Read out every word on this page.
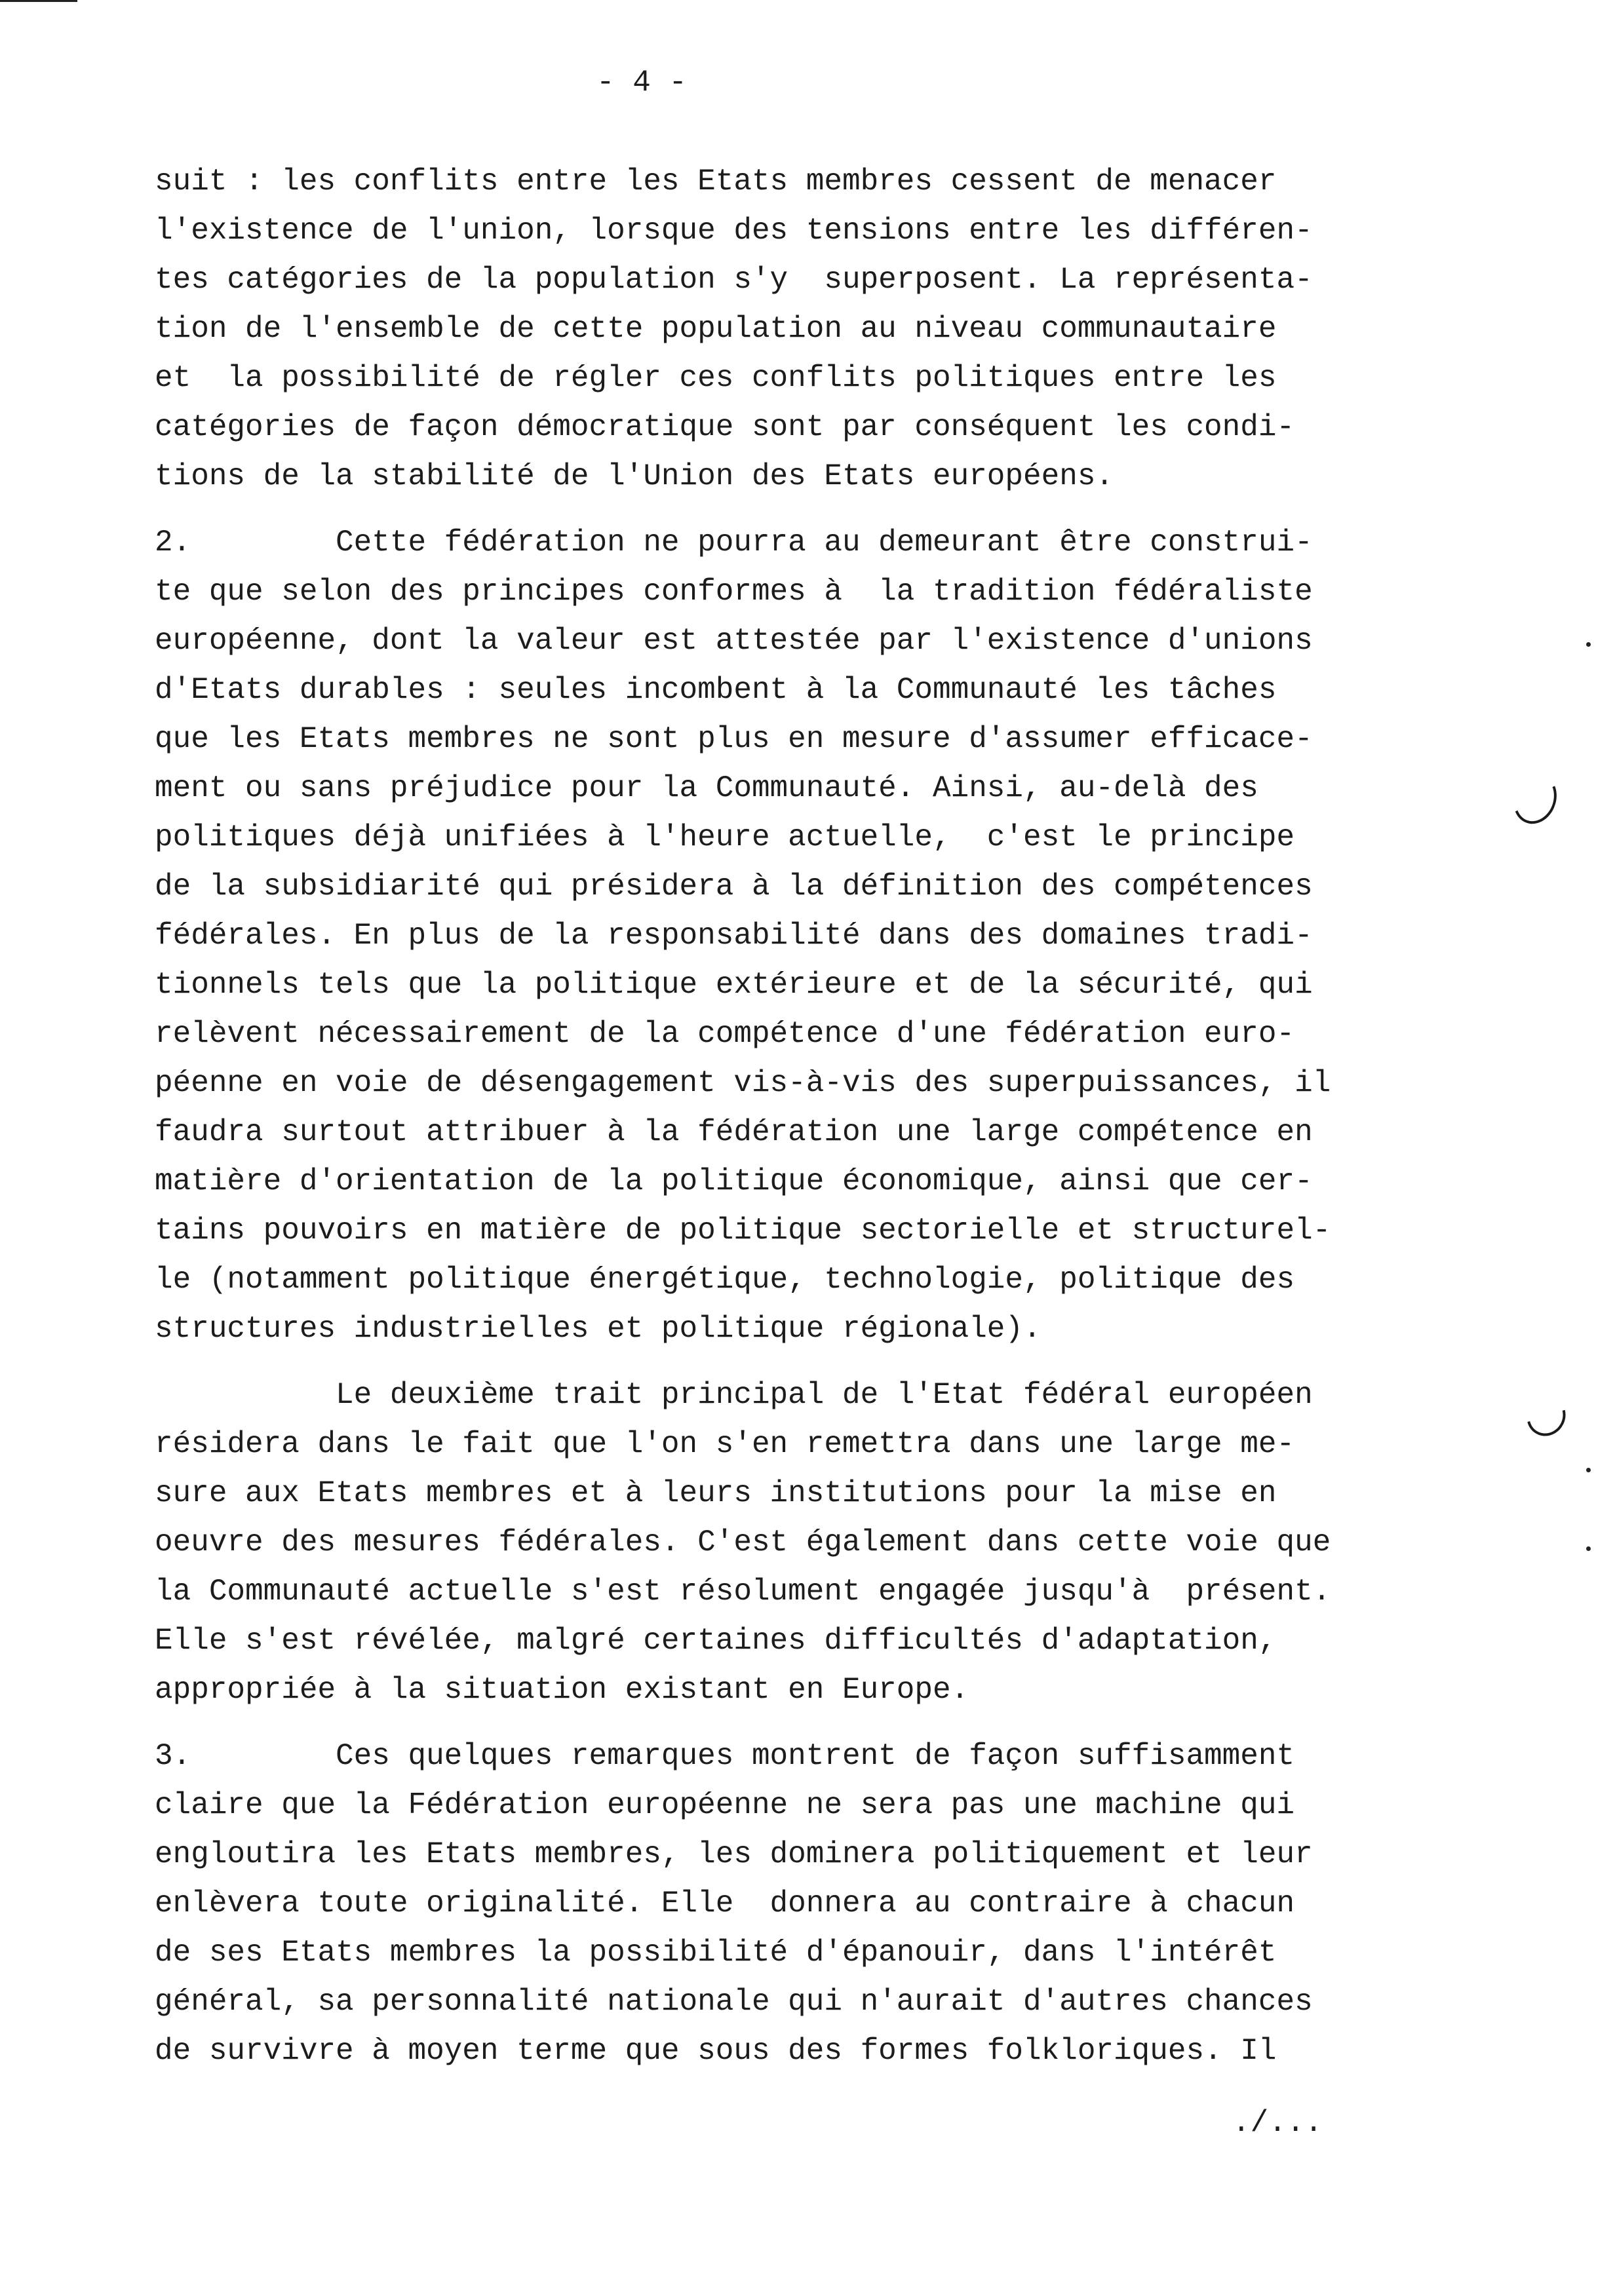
- 4 -
suit : les conflits entre les Etats membres cessent de menacer
l'existence de l'union, lorsque des tensions entre les différen-
tes catégories de la population s'y  superposent. La représenta-
tion de l'ensemble de cette population au niveau communautaire
et  la possibilité de régler ces conflits politiques entre les
catégories de façon démocratique sont par conséquent les condi-
tions de la stabilité de l'Union des Etats européens.
2.        Cette fédération ne pourra au demeurant être construi-
te que selon des principes conformes à  la tradition fédéraliste
européenne, dont la valeur est attestée par l'existence d'unions
d'Etats durables : seules incombent à la Communauté les tâches
que les Etats membres ne sont plus en mesure d'assumer efficace-
ment ou sans préjudice pour la Communauté. Ainsi, au-delà des
politiques déjà unifiées à l'heure actuelle,  c'est le principe
de la subsidiarité qui présidera à la définition des compétences
fédérales. En plus de la responsabilité dans des domaines tradi-
tionnels tels que la politique extérieure et de la sécurité, qui
relèvent nécessairement de la compétence d'une fédération euro-
péenne en voie de désengagement vis-à-vis des superpuissances, il
faudra surtout attribuer à la fédération une large compétence en
matière d'orientation de la politique économique, ainsi que cer-
tains pouvoirs en matière de politique sectorielle et structurel-
le (notamment politique énergétique, technologie, politique des
structures industrielles et politique régionale).
Le deuxième trait principal de l'Etat fédéral européen
résidera dans le fait que l'on s'en remettra dans une large me-
sure aux Etats membres et à leurs institutions pour la mise en
oeuvre des mesures fédérales. C'est également dans cette voie que
la Communauté actuelle s'est résolument engagée jusqu'à  présent.
Elle s'est révélée, malgré certaines difficultés d'adaptation,
appropriée à la situation existant en Europe.
3.        Ces quelques remarques montrent de façon suffisamment
claire que la Fédération européenne ne sera pas une machine qui
engloutira les Etats membres, les dominera politiquement et leur
enlèvera toute originalité. Elle  donnera au contraire à chacun
de ses Etats membres la possibilité d'épanouir, dans l'intérêt
général, sa personnalité nationale qui n'aurait d'autres chances
de survivre à moyen terme que sous des formes folkloriques. Il
./...
